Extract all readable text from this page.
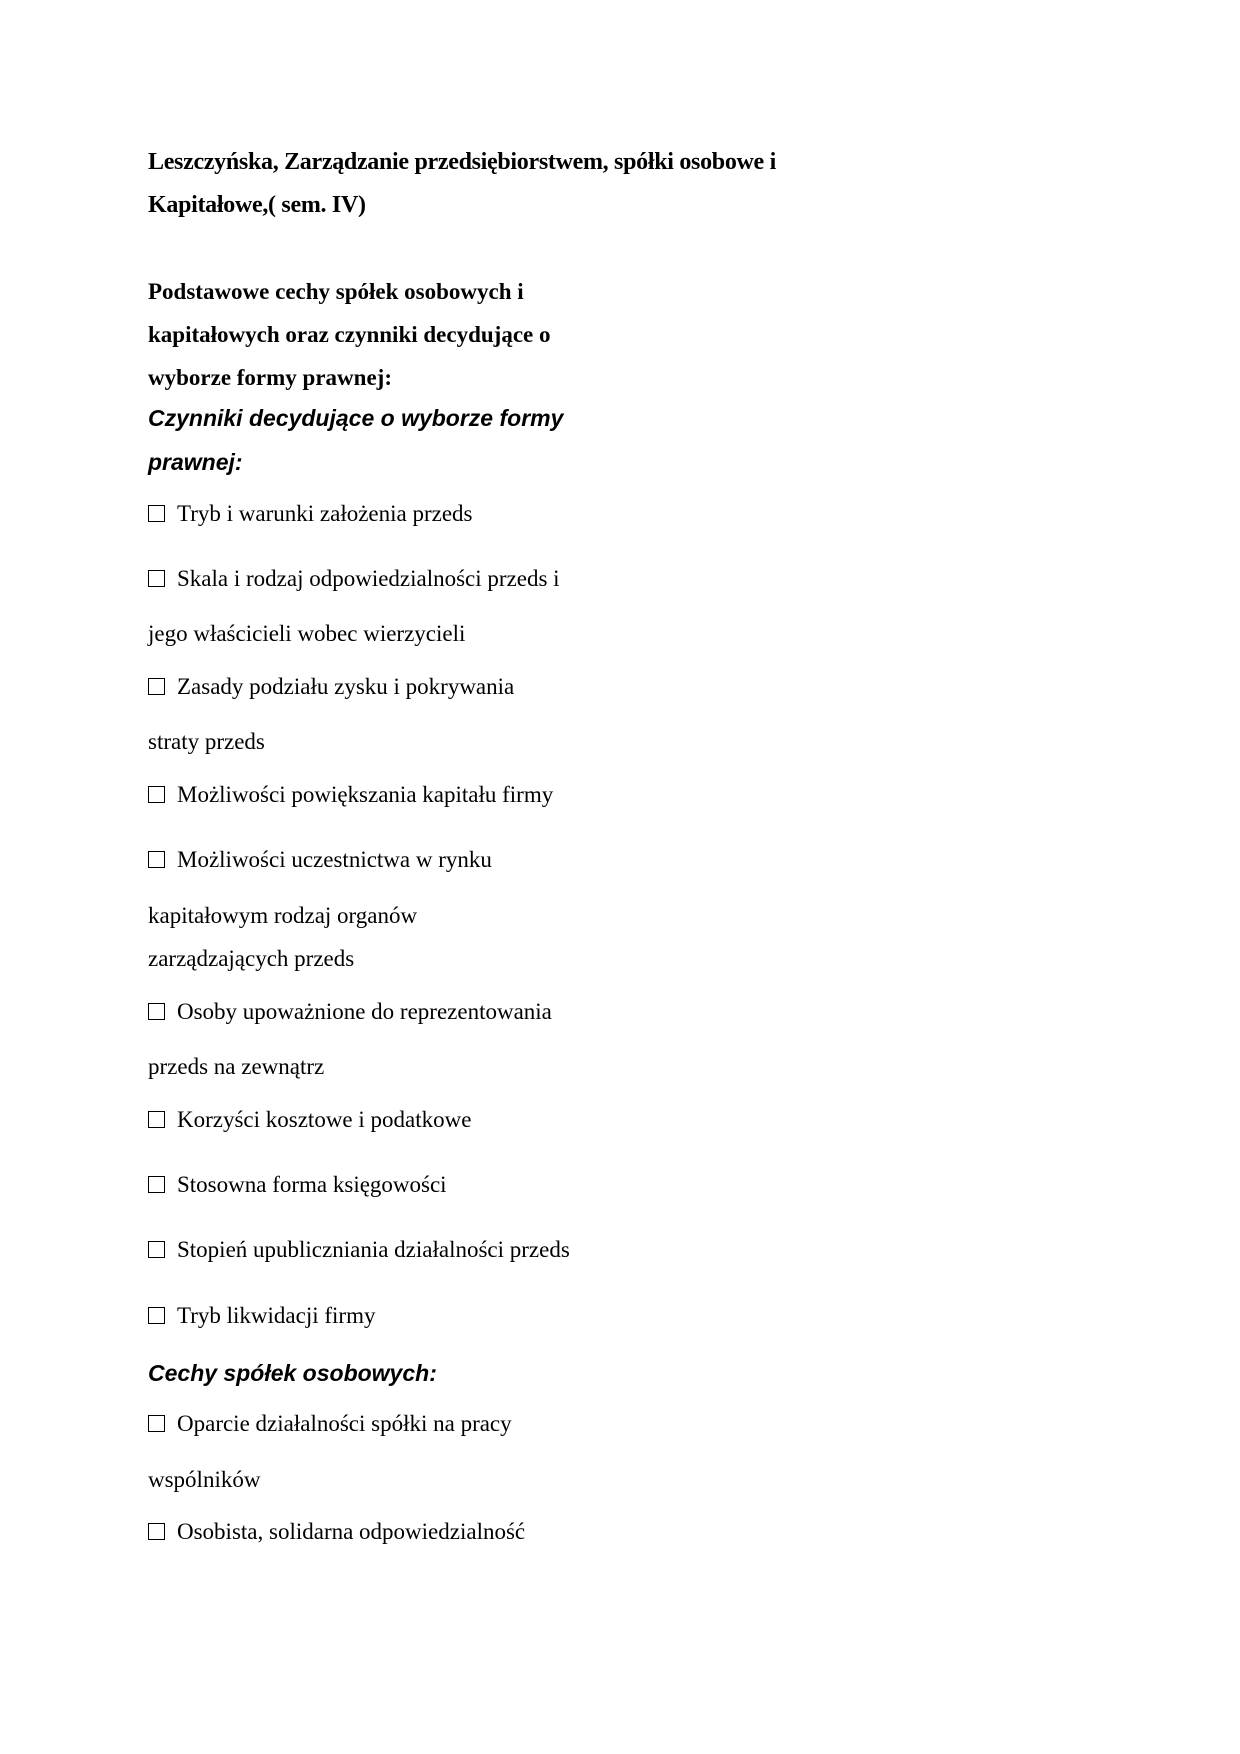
Leszczyńska, Zarządzanie przedsiębiorstwem, spółki osobowe i
Kapitałowe,( sem. IV)
Podstawowe cechy spółek osobowych i
kapitałowych oraz czynniki decydujące o
wyborze formy prawnej:
Czynniki decydujące o wyborze formy
prawnej:
Tryb i warunki założenia przeds
Skala i rodzaj odpowiedzialności przeds i
jego właścicieli wobec wierzycieli
Zasady podziału zysku i pokrywania
straty przeds
Możliwości powiększania kapitału firmy
Możliwości uczestnictwa w rynku
kapitałowym rodzaj organów
zarządzających przeds
Osoby upoważnione do reprezentowania
przeds na zewnątrz
Korzyści kosztowe i podatkowe
Stosowna forma księgowości
Stopień upubliczniania działalności przeds
Tryb likwidacji firmy
Cechy spółek osobowych:
Oparcie działalności spółki na pracy
wspólników
Osobista, solidarna odpowiedzialność
